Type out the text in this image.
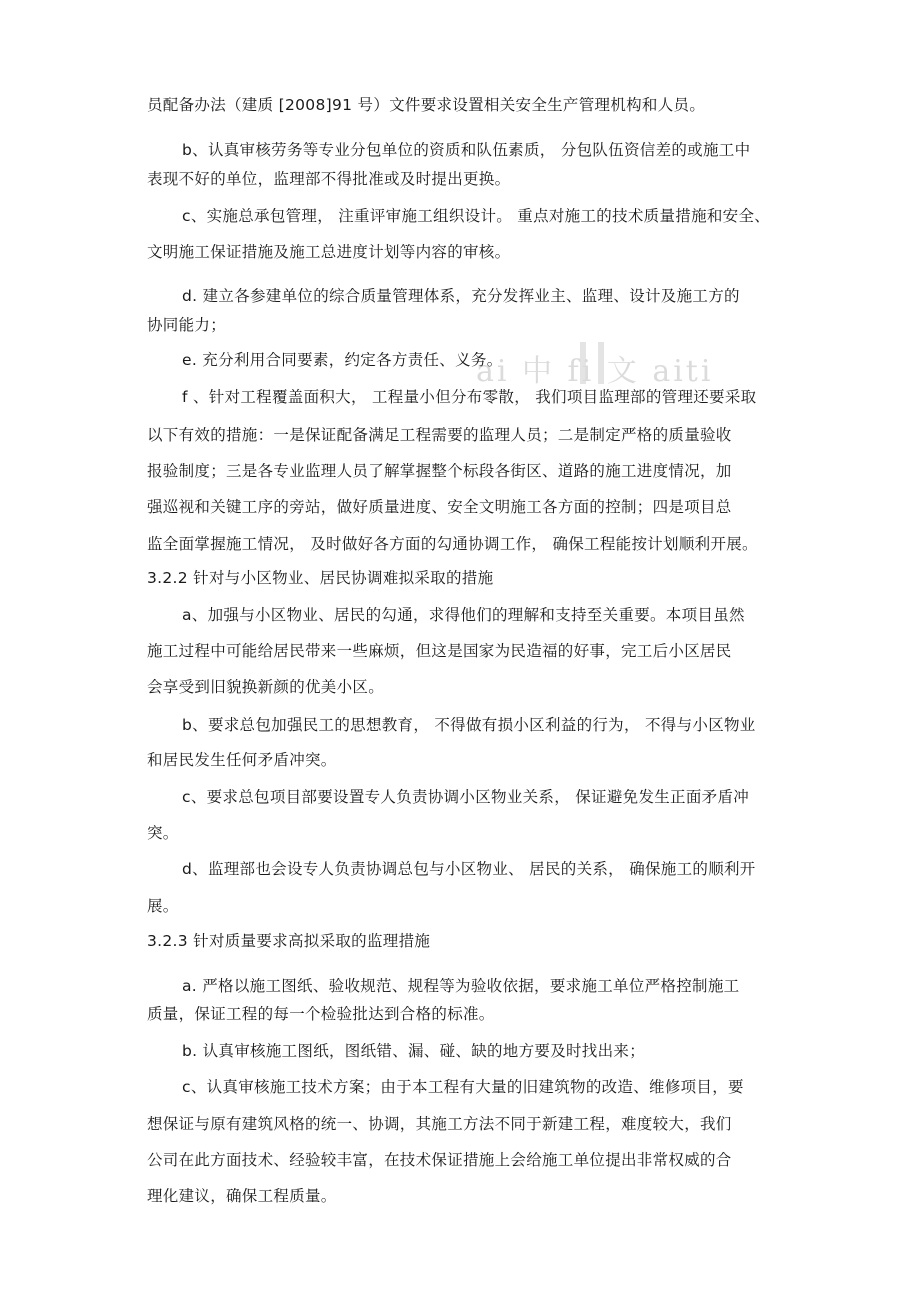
员配备办法（建质 [2008]91 号）文件要求设置相关安全生产管理机构和人员。

b、认真审核劳务等专业分包单位的资质和队伍素质， 分包队伍资信差的或施工中

表现不好的单位，监理部不得批准或及时提出更换。

c、实施总承包管理， 注重评审施工组织设计。 重点对施工的技术质量措施和安全、

文明施工保证措施及施工总进度计划等内容的审核。

d. 建立各参建单位的综合质量管理体系，充分发挥业主、监理、设计及施工方的

协同能力；

e. 充分利用合同要素，约定各方责任、义务。

f 、针对工程覆盖面积大， 工程量小但分布零散， 我们项目监理部的管理还要采取

以下有效的措施：一是保证配备满足工程需要的监理人员；二是制定严格的质量验收

报验制度；三是各专业监理人员了解掌握整个标段各街区、道路的施工进度情况，加

强巡视和关键工序的旁站，做好质量进度、安全文明施工各方面的控制；四是项目总

监全面掌握施工情况， 及时做好各方面的勾通协调工作， 确保工程能按计划顺利开展。

3.2.2 针对与小区物业、居民协调难拟采取的措施

a、加强与小区物业、居民的勾通，求得他们的理解和支持至关重要。本项目虽然

施工过程中可能给居民带来一些麻烦，但这是国家为民造福的好事，完工后小区居民

会享受到旧貌换新颜的优美小区。

b、要求总包加强民工的思想教育， 不得做有损小区利益的行为， 不得与小区物业

和居民发生任何矛盾冲突。

c、要求总包项目部要设置专人负责协调小区物业关系， 保证避免发生正面矛盾冲

突。

d、监理部也会设专人负责协调总包与小区物业、 居民的关系， 确保施工的顺利开

展。

3.2.3 针对质量要求高拟采取的监理措施

a. 严格以施工图纸、验收规范、规程等为验收依据，要求施工单位严格控制施工

质量，保证工程的每一个检验批达到合格的标准。

b. 认真审核施工图纸，图纸错、漏、碰、缺的地方要及时找出来；

c、认真审核施工技术方案；由于本工程有大量的旧建筑物的改造、维修项目，要

想保证与原有建筑风格的统一、协调，其施工方法不同于新建工程，难度较大，我们

公司在此方面技术、经验较丰富，在技术保证措施上会给施工单位提出非常权威的合

理化建议，确保工程质量。

ai 中 fi 文 aiti
